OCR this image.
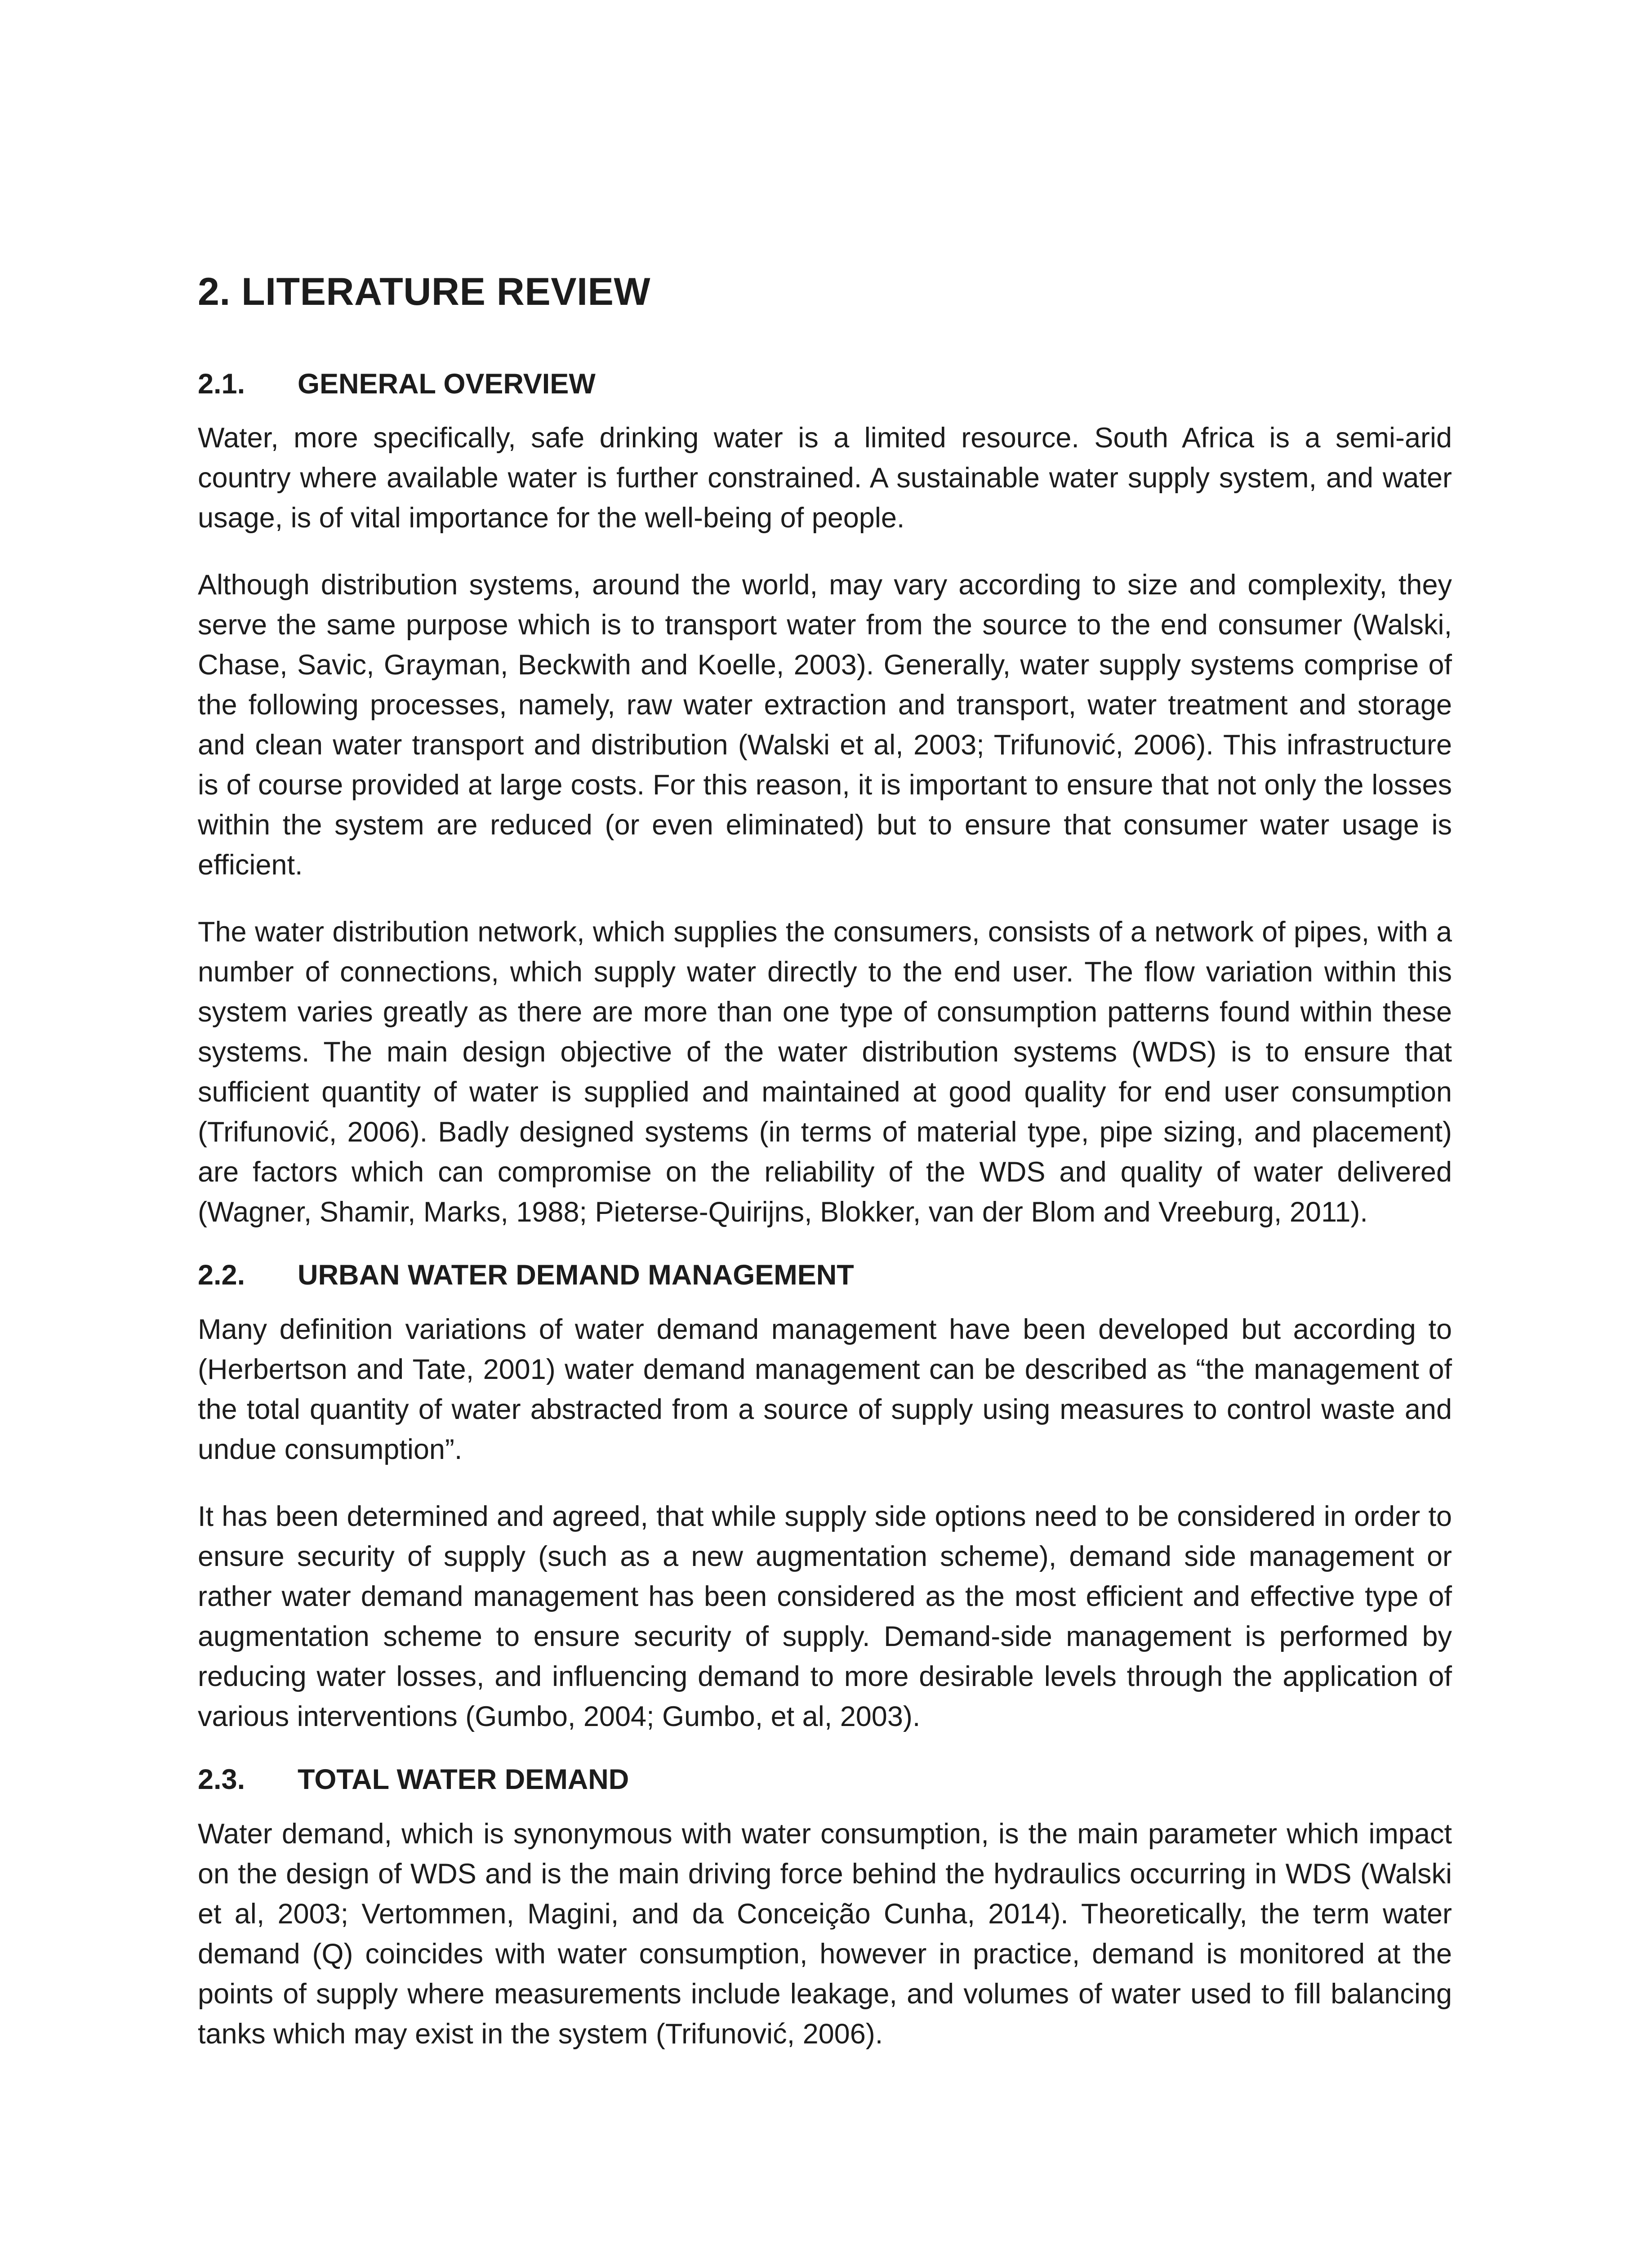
2. LITERATURE REVIEW
2.1.	GENERAL OVERVIEW

Water, more specifically, safe drinking water is a limited resource. South Africa is a semi-arid country where available water is further constrained. A sustainable water supply system, and water usage, is of vital importance for the well-being of people.

Although distribution systems, around the world, may vary according to size and complexity, they serve the same purpose which is to transport water from the source to the end consumer (Walski, Chase, Savic, Grayman, Beckwith and Koelle, 2003). Generally, water supply systems comprise of the following processes, namely, raw water extraction and transport, water treatment and storage and clean water transport and distribution (Walski et al, 2003; Trifunović, 2006). This infrastructure is of course provided at large costs. For this reason, it is important to ensure that not only the losses within the system are reduced (or even eliminated) but to ensure that consumer water usage is efficient.

The water distribution network, which supplies the consumers, consists of a network of pipes, with a number of connections, which supply water directly to the end user. The flow variation within this system varies greatly as there are more than one type of consumption patterns found within these systems. The main design objective of the water distribution systems (WDS) is to ensure that sufficient quantity of water is supplied and maintained at good quality for end user consumption (Trifunović, 2006). Badly designed systems (in terms of material type, pipe sizing, and placement) are factors which can compromise on the reliability of the WDS and quality of water delivered (Wagner, Shamir, Marks, 1988; Pieterse-Quirijns, Blokker, van der Blom and Vreeburg, 2011).

2.2.	URBAN WATER DEMAND MANAGEMENT

Many definition variations of water demand management have been developed but according to (Herbertson and Tate, 2001) water demand management can be described as “the management of the total quantity of water abstracted from a source of supply using measures to control waste and undue consumption”.

It has been determined and agreed, that while supply side options need to be considered in order to ensure security of supply (such as a new augmentation scheme), demand side management or rather water demand management has been considered as the most efficient and effective type of augmentation scheme to ensure security of supply. Demand-side management is performed by reducing water losses, and influencing demand to more desirable levels through the application of various interventions (Gumbo, 2004; Gumbo, et al, 2003).

2.3.	TOTAL WATER DEMAND

Water demand, which is synonymous with water consumption, is the main parameter which impact on the design of WDS and is the main driving force behind the hydraulics occurring in WDS (Walski et al, 2003; Vertommen, Magini, and da Conceição Cunha, 2014). Theoretically, the term water demand (Q) coincides with water consumption, however in practice, demand is monitored at the points of supply where measurements include leakage, and volumes of water used to fill balancing tanks which may exist in the system (Trifunović, 2006).
